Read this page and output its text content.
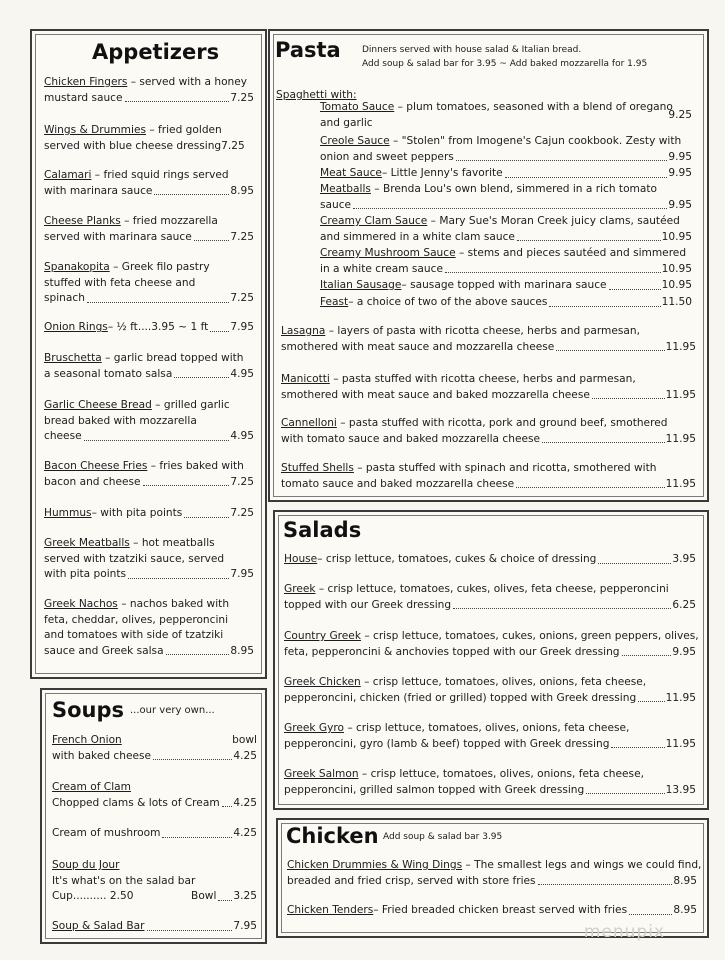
Appetizers
Chicken Fingers – served with a honey
mustard sauce	7.25
Wings & Drummies – fried golden
served with blue cheese dressing 7.25
Calamari – fried squid rings served
with marinara sauce	8.95
Cheese Planks – fried mozzarella
served with marinara sauce	7.25
Spanakopita – Greek filo pastry
stuffed with feta cheese and
spinach	7.25
Onion Rings – ½ ft....3.95 ~ 1 ft 7.95
Bruschetta – garlic bread topped with
a seasonal tomato salsa	4.95
Garlic Cheese Bread – grilled garlic
bread baked with mozzarella
cheese	4.95
Bacon Cheese Fries – fries baked with
bacon and cheese	7.25
Hummus – with pita points	7.25
Greek Meatballs – hot meatballs
served with tzatziki sauce, served
with pita points	7.95
Greek Nachos – nachos baked with
feta, cheddar, olives, pepperoncini
and tomatoes with side of tzatziki
sauce and Greek salsa	8.95
Soups ...our very own...
French Onion	bowl
with baked cheese	4.25
Cream of Clam
Chopped clams & lots of Cream 4.25
Cream of mushroom	4.25
Soup du Jour
It's what's on the salad bar
Cup.......... 2.50	Bowl 3.25
Soup & Salad Bar	7.95
Pasta Dinners served with house salad & Italian bread.
Add soup & salad bar for 3.95 ~ Add baked mozzarella for 1.95
Spaghetti with:
Tomato Sauce – plum tomatoes, seasoned with a blend of oregano
and garlic
9.25
Creole Sauce – "Stolen" from Imogene's Cajun cookbook. Zesty with
onion and sweet peppers	9.95
Meat Sauce – Little Jenny's favorite	9.95
Meatballs – Brenda Lou's own blend, simmered in a rich tomato
sauce	9.95
Creamy Clam Sauce – Mary Sue's Moran Creek juicy clams, sautéed
and simmered in a white clam sauce	10.95
Creamy Mushroom Sauce – stems and pieces sautéed and simmered
in a white cream sauce	10.95
Italian Sausage – sausage topped with marinara sauce	10.95
Feast – a choice of two of the above sauces	11.50
Lasagna – layers of pasta with ricotta cheese, herbs and parmesan,
smothered with meat sauce and mozzarella cheese	11.95
Manicotti – pasta stuffed with ricotta cheese, herbs and parmesan,
smothered with meat sauce and baked mozzarella cheese	11.95
Cannelloni – pasta stuffed with ricotta, pork and ground beef, smothered
with tomato sauce and baked mozzarella cheese	11.95
Stuffed Shells – pasta stuffed with spinach and ricotta, smothered with
tomato sauce and baked mozzarella cheese	11.95
Salads
House – crisp lettuce, tomatoes, cukes & choice of dressing	3.95
Greek – crisp lettuce, tomatoes, cukes, olives, feta cheese, pepperoncini
topped with our Greek dressing	6.25
Country Greek – crisp lettuce, tomatoes, cukes, onions, green peppers, olives,
feta, pepperoncini & anchovies topped with our Greek dressing	9.95
Greek Chicken – crisp lettuce, tomatoes, olives, onions, feta cheese,
pepperoncini, chicken (fried or grilled) topped with Greek dressing	11.95
Greek Gyro – crisp lettuce, tomatoes, olives, onions, feta cheese,
pepperoncini, gyro (lamb & beef) topped with Greek dressing	11.95
Greek Salmon – crisp lettuce, tomatoes, olives, onions, feta cheese,
pepperoncini, grilled salmon topped with Greek dressing	13.95
Chicken Add soup & salad bar 3.95
Chicken Drummies & Wing Dings – The smallest legs and wings we could find,
breaded and fried crisp, served with store fries	8.95
Chicken Tenders – Fried breaded chicken breast served with fries	8.95
menupix
